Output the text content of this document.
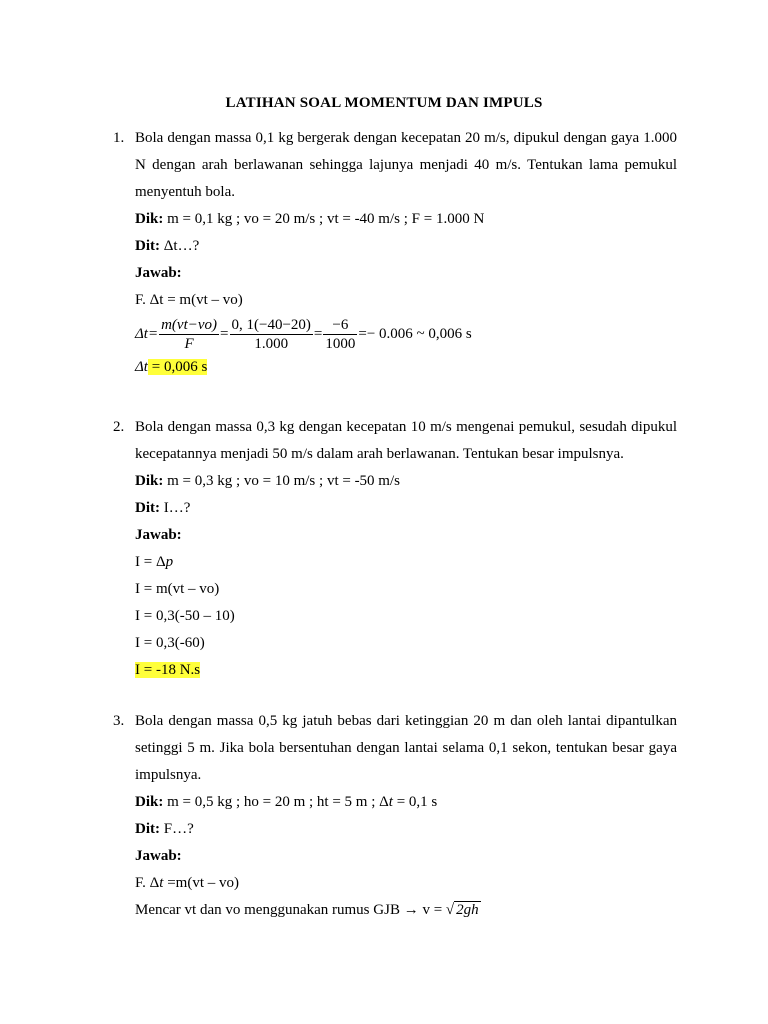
LATIHAN SOAL MOMENTUM DAN IMPULS
1. Bola dengan massa 0,1 kg bergerak dengan kecepatan 20 m/s, dipukul dengan gaya 1.000 N dengan arah berlawanan sehingga lajunya menjadi 40 m/s. Tentukan lama pemukul menyentuh bola.
Dik: m = 0,1 kg ; vo = 20 m/s ; vt = -40 m/s ; F = 1.000 N
Dit: Δt…?
Jawab:
F. Δt = m(vt – vo)
$\Delta t= \frac{m(vt-vo)}{F} = \frac{0, 1(-40-20)}{1.000} = \frac{-6}{1000} =- 0.006$ ~ 0,006 s
Δt = 0,006 s
2. Bola dengan massa 0,3 kg dengan kecepatan 10 m/s mengenai pemukul, sesudah dipukul kecepatannya menjadi 50 m/s dalam arah berlawanan. Tentukan besar impulsnya.
Dik: m = 0,3 kg ; vo = 10 m/s ; vt = -50 m/s
Dit: I…?
Jawab:
I = Δp
I = m(vt – vo)
I = 0,3(-50 – 10)
I = 0,3(-60)
I = -18 N.s
3. Bola dengan massa 0,5 kg jatuh bebas dari ketinggian 20 m dan oleh lantai dipantulkan setinggi 5 m. Jika bola bersentuhan dengan lantai selama 0,1 sekon, tentukan besar gaya impulsnya.
Dik: m = 0,5 kg ; ho = 20 m ; ht = 5 m ; Δt = 0,1 s
Dit: F…?
Jawab:
F. Δt =m(vt – vo)
Mencar vt dan vo menggunakan rumus GJB → v = √ 2gh
